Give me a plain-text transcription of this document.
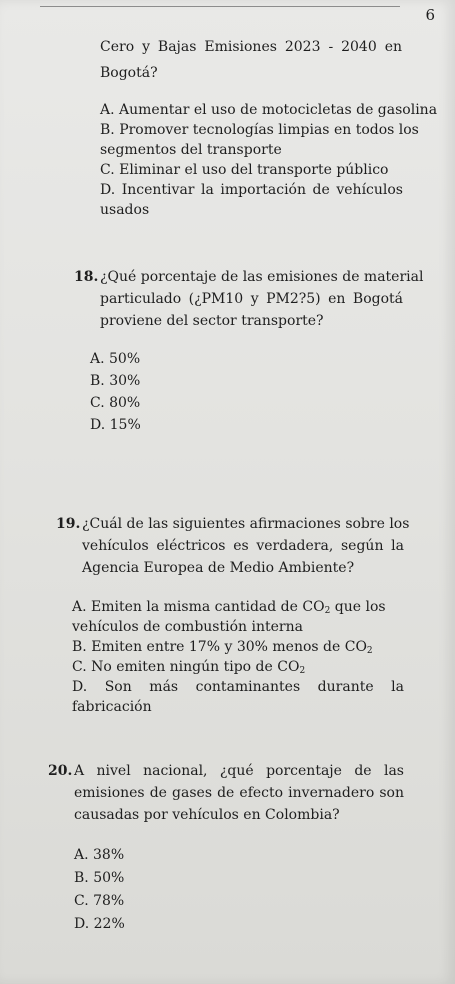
6
Cero y Bajas Emisiones 2023 - 2040 en
Bogotá?
A. Aumentar el uso de motocicletas de gasolina
B. Promover tecnologías limpias en todos los
segmentos del transporte
C. Eliminar el uso del transporte público
D. Incentivar la importación de vehículos
usados
18. ¿Qué porcentaje de las emisiones de material
particulado (¿PM10 y PM2?5) en Bogotá
proviene del sector transporte?
A. 50%
B. 30%
C. 80%
D. 15%
19. ¿Cuál de las siguientes afirmaciones sobre los
vehículos eléctricos es verdadera, según la
Agencia Europea de Medio Ambiente?
A. Emiten la misma cantidad de $CO_2$ que los
vehículos de combustión interna
B. Emiten entre 17% y 30% menos de $CO_2$
C. No emiten ningún tipo de $CO_2$
D. Son más contaminantes durante la
fabricación
20. A nivel nacional, ¿qué porcentaje de las
emisiones de gases de efecto invernadero son
causadas por vehículos en Colombia?
A. 38%
B. 50%
C. 78%
D. 22%
